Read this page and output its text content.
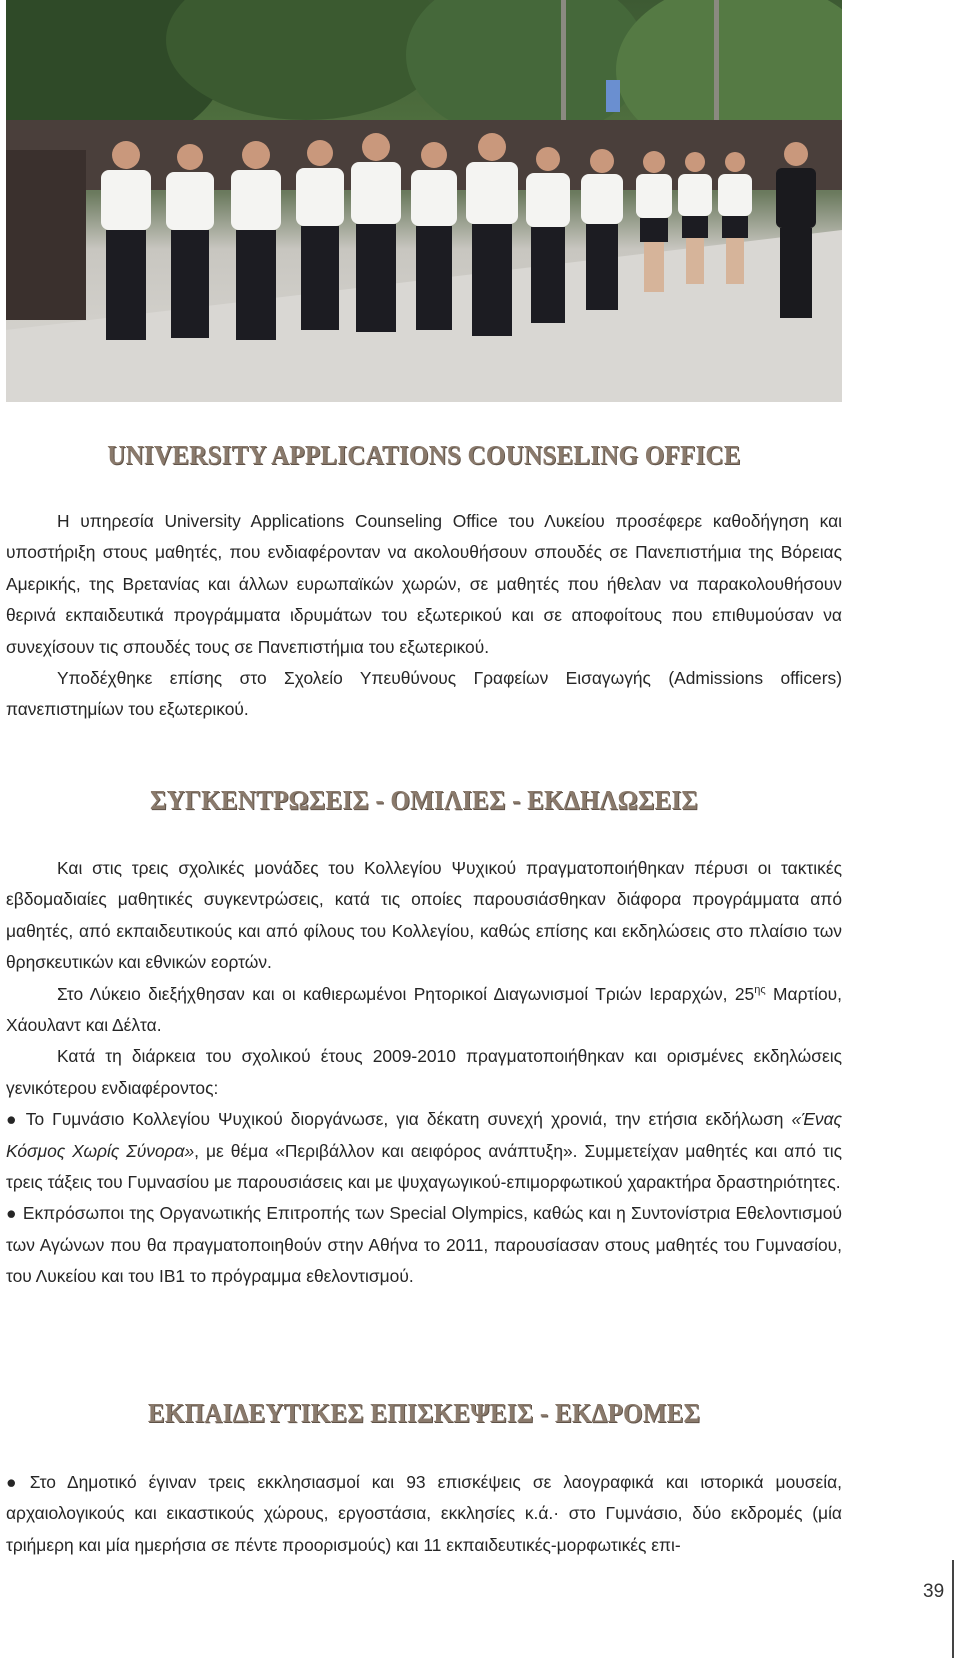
UNIVERSITY APPLICATIONS COUNSELING OFFICE

Η υπηρεσία University Applications Counseling Office του Λυκείου προσέφερε καθοδήγηση και υποστήριξη στους μαθητές, που ενδιαφέρονταν να ακολουθήσουν σπουδές σε Πανεπιστήμια της Βόρειας Αμερικής, της Βρετανίας και άλλων ευρωπαϊκών χωρών, σε μαθητές που ήθελαν να παρακολουθήσουν θερινά εκπαιδευτικά προγράμματα ιδρυμάτων του εξωτερικού και σε αποφοίτους που επιθυμούσαν να συνεχίσουν τις σπουδές τους σε Πανεπιστήμια του εξωτερικού.

Υποδέχθηκε επίσης στο Σχολείο Υπευθύνους Γραφείων Εισαγωγής (Admissions officers) πανεπιστημίων του εξωτερικού.

ΣΥΓΚΕΝΤΡΩΣΕΙΣ - ΟΜΙΛΙΕΣ - ΕΚΔΗΛΩΣΕΙΣ

Και στις τρεις σχολικές μονάδες του Κολλεγίου Ψυχικού πραγματοποιήθηκαν πέρυσι οι τακτικές εβδομαδιαίες μαθητικές συγκεντρώσεις, κατά τις οποίες παρουσιάσθηκαν διάφορα προγράμματα από μαθητές, από εκπαιδευτικούς και από φίλους του Κολλεγίου, καθώς επίσης και εκδηλώσεις στο πλαίσιο των θρησκευτικών και εθνικών εορτών.

Στο Λύκειο διεξήχθησαν και οι καθιερωμένοι Ρητορικοί Διαγωνισμοί Τριών Ιεραρχών, $25^{\eta\varsigma}$ Μαρτίου, Χάουλαντ και Δέλτα.

Κατά τη διάρκεια του σχολικού έτους 2009-2010 πραγματοποιήθηκαν και ορισμένες εκδηλώσεις γενικότερου ενδιαφέροντος:

● Το Γυμνάσιο Κολλεγίου Ψυχικού διοργάνωσε, για δέκατη συνεχή χρονιά, την ετήσια εκδήλωση «Ένας Κόσμος Χωρίς Σύνορα», με θέμα «Περιβάλλον και αειφόρος ανάπτυξη». Συμμετείχαν μαθητές και από τις τρεις τάξεις του Γυμνασίου με παρουσιάσεις και με ψυχαγωγικού-επιμορφωτικού χαρακτήρα δραστηριότητες.

● Εκπρόσωποι της Οργανωτικής Επιτροπής των Special Olympics, καθώς και η Συντονίστρια Εθελοντισμού των Αγώνων που θα πραγματοποιηθούν στην Αθήνα το 2011, παρουσίασαν στους μαθητές του Γυμνασίου, του Λυκείου και του IB1 το πρόγραμμα εθελοντισμού.

ΕΚΠΑΙΔΕΥΤΙΚΕΣ ΕΠΙΣΚΕΨΕΙΣ - ΕΚΔΡΟΜΕΣ

● Στο Δημοτικό έγιναν τρεις εκκλησιασμοί και 93 επισκέψεις σε λαογραφικά και ιστορικά μουσεία, αρχαιολογικούς και εικαστικούς χώρους, εργοστάσια, εκκλησίες κ.ά.· στο Γυμνάσιο, δύο εκδρομές (μία τριήμερη και μία ημερήσια σε πέντε προορισμούς) και 11 εκπαιδευτικές-μορφωτικές επι-

39
